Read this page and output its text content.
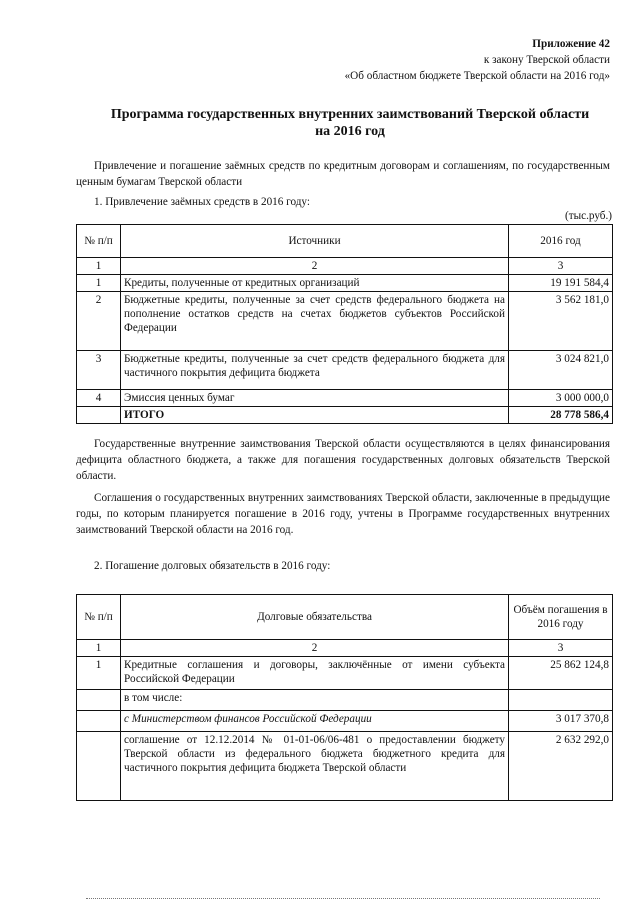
Приложение 42
к закону Тверской области
«Об областном бюджете Тверской области на 2016 год»
Программа государственных внутренних заимствований Тверской области
на 2016 год
Привлечение и погашение заёмных средств по кредитным договорам и соглашениям, по государственным ценным бумагам Тверской области
1. Привлечение заёмных средств в 2016 году:
(тыс.руб.)
№ п/п	Источники	2016 год
1	2	3
1	Кредиты, полученные от кредитных организаций	19 191 584,4
2	Бюджетные кредиты, полученные за счет средств федерального бюджета на пополнение остатков средств на счетах бюджетов субъектов Российской Федерации	3 562 181,0
3	Бюджетные кредиты, полученные за счет средств федерального бюджета для частичного покрытия дефицита бюджета	3 024 821,0
4	Эмиссия ценных бумаг	3 000 000,0
	ИТОГО	28 778 586,4
Государственные внутренние заимствования Тверской области осуществляются в целях финансирования дефицита областного бюджета, а также для погашения государственных долговых обязательств Тверской области.
Соглашения о государственных внутренних заимствованиях Тверской области, заключенные в предыдущие годы, по которым планируется погашение в 2016 году, учтены в Программе государственных внутренних заимствований Тверской области на 2016 год.
2. Погашение долговых обязательств в 2016 году:
№ п/п	Долговые обязательства	Объём погашения в 2016 году
1	2	3
1	Кредитные соглашения и договоры, заключённые от имени субъекта Российской Федерации	25 862 124,8
	в том числе:	
	с Министерством финансов Российской Федерации	3 017 370,8
	соглашение от 12.12.2014 № 01-01-06/06-481 о предоставлении бюджету Тверской области из федерального бюджета бюджетного кредита для частичного покрытия дефицита бюджета Тверской области	2 632 292,0
